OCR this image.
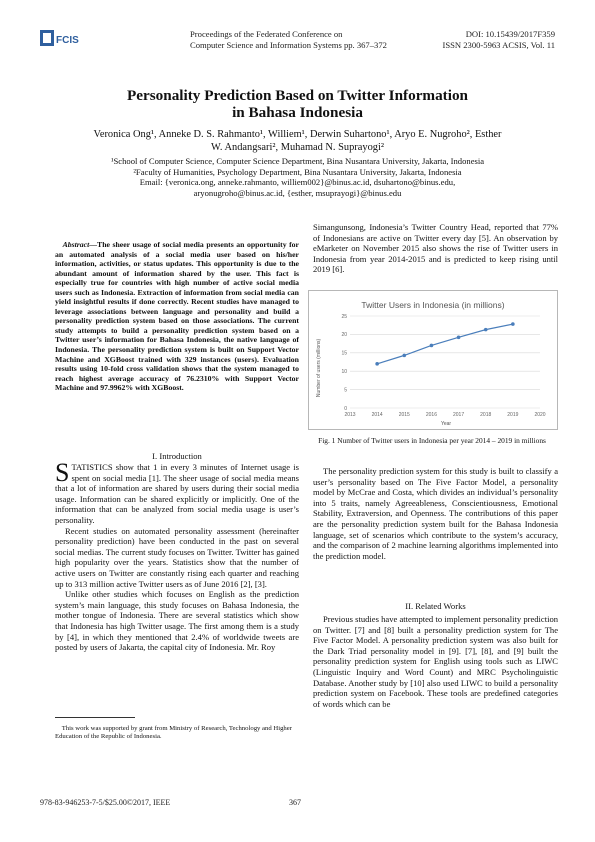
FCIS
Proceedings of the Federated Conference on
Computer Science and Information Systems pp. 367–372
DOI: 10.15439/2017F359
ISSN 2300-5963 ACSIS, Vol. 11
Personality Prediction Based on Twitter Information
in Bahasa Indonesia
Veronica Ong¹, Anneke D. S. Rahmanto¹, Williem¹, Derwin Suhartono¹, Aryo E. Nugroho², Esther
W. Andangsari², Muhamad N. Suprayogi²
¹School of Computer Science, Computer Science Department, Bina Nusantara University, Jakarta, Indonesia
²Faculty of Humanities, Psychology Department, Bina Nusantara University, Jakarta, Indonesia
Email: {veronica.ong, anneke.rahmanto, williem002}@binus.ac.id, dsuhartono@binus.edu,
aryonugroho@binus.ac.id, {esther, msuprayogi}@binus.edu
Abstract—The sheer usage of social media presents an opportunity for an automated analysis of a social media user based on his/her information, activities, or status updates. This opportunity is due to the abundant amount of information shared by the user. This fact is especially true for countries with high number of active social media users such as Indonesia. Extraction of information from social media can yield insightful results if done correctly. Recent studies have managed to leverage associations between language and personality and build a personality prediction system based on those associations. The current study attempts to build a personality prediction system based on a Twitter user’s information for Bahasa Indonesia, the native language of Indonesia. The personality prediction system is built on Support Vector Machine and XGBoost trained with 329 instances (users). Evaluation results using 10-fold cross validation shows that the system managed to reach highest average accuracy of 76.2310% with Support Vector Machine and 97.9962% with XGBoost.
I. Introduction

STATISTICS show that 1 in every 3 minutes of Internet usage is spent on social media [1]. The sheer usage of social media means that a lot of information are shared by users during their social media usage. Information can be shared explicitly or implicitly. One of the information that can be analyzed from social media usage is user’s personality.

Recent studies on automated personality assessment (hereinafter personality prediction) have been conducted in the past on several social medias. The current study focuses on Twitter. Twitter has gained high popularity over the years. Statistics show that the number of active users on Twitter are constantly rising each quarter and reaching up to 313 million active Twitter users as of June 2016 [2], [3].

Unlike other studies which focuses on English as the prediction system’s main language, this study focuses on Bahasa Indonesia, the mother tongue of Indonesia. There are several statistics which show that Indonesia has high Twitter usage. The first among them is a study by [4], in which they mentioned that 2.4% of worldwide tweets are posted by users of Jakarta, the capital city of Indonesia. Mr. Roy

This work was supported by grant from Ministry of Research, Technology and Higher Education of the Republic of Indonesia.
Simangunsong, Indonesia’s Twitter Country Head, reported that 77% of Indonesians are active on Twitter every day [5]. An observation by eMarketer on November 2015 also shows the rise of Twitter users in Indonesia from year 2014-2015 and is predicted to keep rising until 2019 [6].
0
5
10
15
20
25
2013	2014	2015	2016	2017	2018	2019	2020
Twitter Users in Indonesia (in millions)
Year
Number of users (millions)
Fig. 1 Number of Twitter users in Indonesia per year 2014 – 2019 in millions

The personality prediction system for this study is built to classify a user’s personality based on The Five Factor Model, a personality model by McCrae and Costa, which divides an individual’s personality into 5 traits, namely Agreeableness, Conscientiousness, Emotional Stability, Extraversion, and Openness. The contributions of this paper are the personality prediction system built for the Bahasa Indonesia language, set of scenarios which contribute to the system’s accuracy, and the comparison of 2 machine learning algorithms implemented into the prediction model.

II. Related Works

Previous studies have attempted to implement personality prediction on Twitter. [7] and [8] built a personality prediction system for The Five Factor Model. A personality prediction system was also built for the Dark Triad personality model in [9]. [7], [8], and [9] built the personality prediction system for English using tools such as LIWC (Linguistic Inquiry and Word Count) and MRC Psycholinguistic Database. Another study by [10] also used LIWC to build a personality prediction system on Facebook. These tools are predefined categories of words which can be

978-83-946253-7-5/$25.00©2017, IEEE	367
